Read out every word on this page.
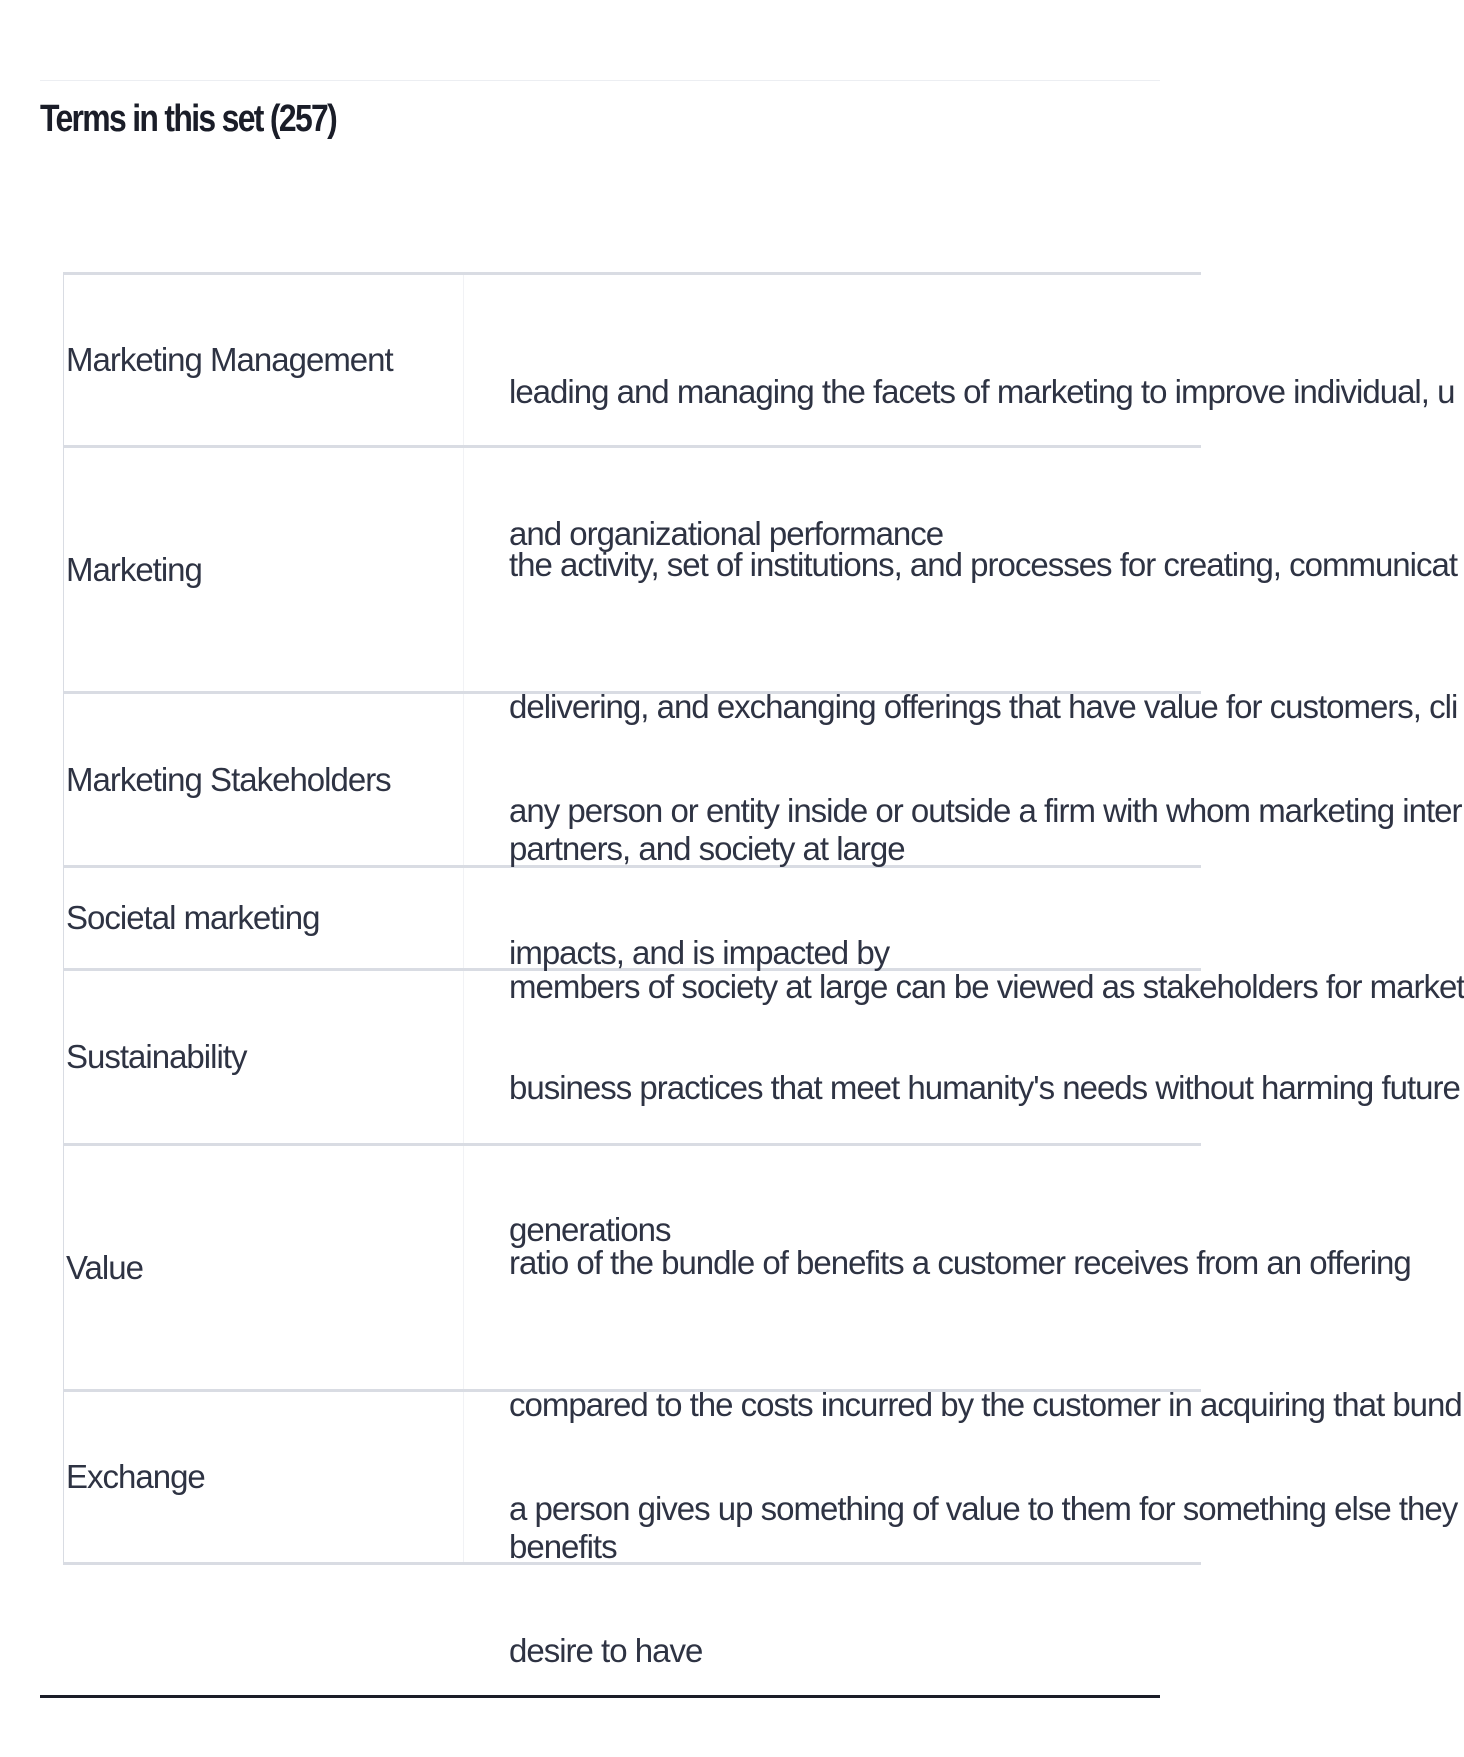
Terms in this set (257)
Marketing Management

leading and managing the facets of marketing to improve individual, u

and organizational performance

Marketing	the activity, set of institutions, and processes for creating, communicat

delivering, and exchanging offerings that have value for customers, cli

partners, and society at large

Marketing Stakeholders

any person or entity inside or outside a firm with whom marketing inter

impacts, and is impacted by

Societal marketing

members of society at large can be viewed as stakeholders for market

Sustainability

business practices that meet humanity's needs without harming future

generations

Value	ratio of the bundle of benefits a customer receives from an offering

compared to the costs incurred by the customer in acquiring that bund

benefits

Exchange

a person gives up something of value to them for something else they

desire to have
